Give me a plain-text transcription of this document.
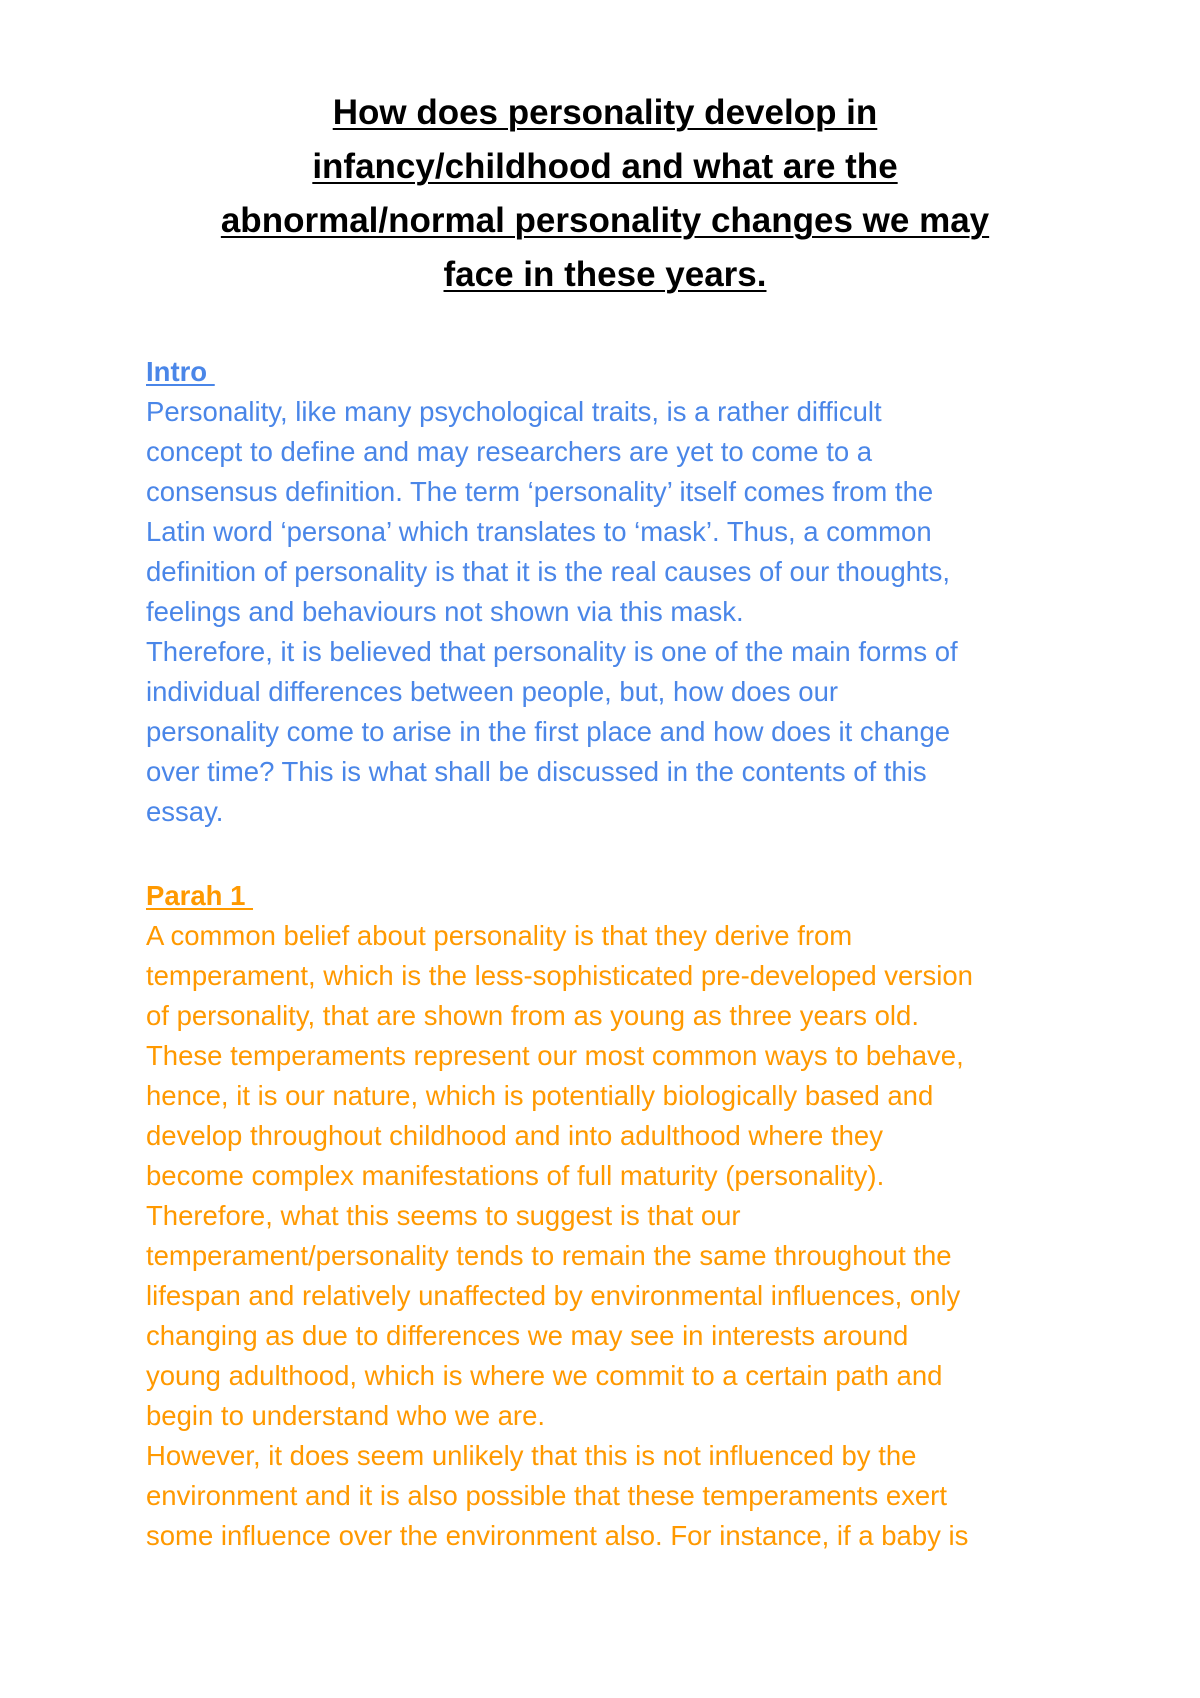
How does personality develop in
infancy/childhood and what are the
abnormal/normal personality changes we may
face in these years.
Intro
Personality, like many psychological traits, is a rather difficult
concept to define and may researchers are yet to come to a
consensus definition. The term ‘personality’ itself comes from the
Latin word ‘persona’ which translates to ‘mask’. Thus, a common
definition of personality is that it is the real causes of our thoughts,
feelings and behaviours not shown via this mask.
Therefore, it is believed that personality is one of the main forms of
individual differences between people, but, how does our
personality come to arise in the first place and how does it change
over time? This is what shall be discussed in the contents of this
essay.
Parah 1
A common belief about personality is that they derive from
temperament, which is the less-sophisticated pre-developed version
of personality, that are shown from as young as three years old.
These temperaments represent our most common ways to behave,
hence, it is our nature, which is potentially biologically based and
develop throughout childhood and into adulthood where they
become complex manifestations of full maturity (personality).
Therefore, what this seems to suggest is that our
temperament/personality tends to remain the same throughout the
lifespan and relatively unaffected by environmental influences, only
changing as due to differences we may see in interests around
young adulthood, which is where we commit to a certain path and
begin to understand who we are.
However, it does seem unlikely that this is not influenced by the
environment and it is also possible that these temperaments exert
some influence over the environment also. For instance, if a baby is
